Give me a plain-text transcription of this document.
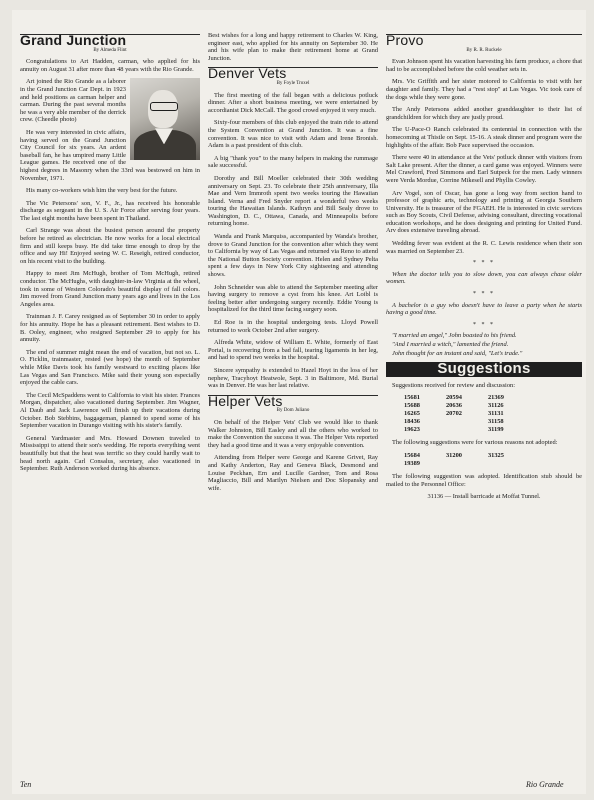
Grand Junction
By Almeda Flint

Congratulations to Art Hadden, carman, who applied for his annuity on August 31 after more than 48 years with the Rio Grande.

Art joined the Rio Grande as a laborer in the Grand Junction Car Dept. in 1923 and held positions as carman helper and carman. During the past several months he was a very able member of the derrick crew. (Cheedle photo)

He was very interested in civic affairs, having served on the Grand Junction City Council for six years. An ardent baseball fan, he has umpired many Little League games. He received one of the highest degrees in Masonry when the 33rd was bestowed on him in November, 1971.

His many co-workers wish him the very best for the future.

The Vic Petersons' son, V. F., Jr., has received his honorable discharge as sergeant in the U. S. Air Force after serving four years. The last eight months have been spent in Thailand.

Carl Strange was about the busiest person around the property before he retired as electrician. He now works for a local electrical firm and still keeps busy. He did take time enough to drop by the office and say Hi! Enjoyed seeing W. C. Reseigh, retired conductor, on his recent visit to the building.

Happy to meet Jim McHugh, brother of Tom McHugh, retired conductor. The McHughs, with daughter-in-law Virginia at the wheel, took in some of Western Colorado's beautiful display of fall colors. Jim moved from Grand Junction many years ago and lives in the Los Angeles area.

Trainman J. F. Carey resigned as of September 30 in order to apply for his annuity. Hope he has a pleasant retirement. Best wishes to D. B. Ooley, engineer, who resigned September 29 to apply for his annuity.

The end of summer might mean the end of vacation, but not so. L. O. Ficklin, trainmaster, rested (we hope) the month of September while Mike Davis took his family westward to exciting places like Las Vegas and San Francisco. Mike said their young son especially enjoyed the cable cars.

The Cecil McSpaddens went to California to visit his sister. Frances Morgan, dispatcher, also vacationed during September. Jim Wagner, Al Daub and Jack Lawrence will finish up their vacations during October. Bob Stebbins, baggageman, planned to spend some of his September vacation in Durango visiting with his sister's family.

General Yardmaster and Mrs. Howard Downen traveled to Mississippi to attend their son's wedding. He reports everything went beautifully but that the heat was terrific so they could hardly wait to head north again. Carl Consalus, secretary, also vacationed in September. Ruth Anderson worked during his absence.

Best wishes for a long and happy retirement to Charles W. King, engineer east, who applied for his annuity on September 30. He and his wife plan to make their retirement home at Grand Junction.

Denver Vets
By Foyle Troxel

The first meeting of the fall began with a delicious potluck dinner. After a short business meeting, we were entertained by accordianist Dick McCall. The good crowd enjoyed it very much.

Sixty-four members of this club enjoyed the train ride to attend the System Convention at Grand Junction. It was a fine convention. It was nice to visit with Adam and Irene Bronish. Adam is a past president of this club.

A big "thank you" to the many helpers in making the rummage sale successful.

Dorothy and Bill Moeller celebrated their 30th wedding anniversary on Sept. 23. To celebrate their 25th anniversary, Illa Mae and Vern Immroth spent two weeks touring the Hawaiian Island. Verna and Fred Snyder report a wonderful two weeks touring the Hawaiian Islands. Kathryn and Bill Sealy drove to Washington, D. C., Ottawa, Canada, and Minneapolis before returning home.

Wanda and Frank Marquiss, accompanied by Wanda's brother, drove to Grand Junction for the convention after which they went to California by way of Las Vegas and returned via Reno to attend the National Button Society convention. Helen and Sydney Pelta spent a few days in New York City sightseeing and attending shows.

John Schneider was able to attend the September meeting after having surgery to remove a cyst from his knee. Art Loibl is feeling better after undergoing surgery recently. Eddie Young is hospitalized for the third time facing surgery soon.

Ed Roe is in the hospital undergoing tests. Lloyd Powell returned to work October 2nd after surgery.

Alfreda White, widow of William E. White, formerly of East Portal, is recovering from a bad fall, tearing ligaments in her leg, and had to spend two weeks in the hospital.

Sincere sympathy is extended to Hazel Hoyt in the loss of her nephew, Tracyhoyt Heatwole, Sept. 3 in Baltimore, Md. Burial was in Denver. He was her last relative.

Helper Vets
By Dom Juliano

On behalf of the Helper Vets' Club we would like to thank Walker Johnston, Bill Easley and all the others who worked to make the Convention the success it was. The Helper Vets reported they had a good time and it was a very enjoyable convention.

Attending from Helper were George and Karene Grivet, Ray and Kathy Anderton, Ray and Geneva Black, Desmond and Louise Peckhan, Ern and Lucille Gardner, Tom and Rosa Magliaccio, Bill and Marilyn Nielsen and Doc Slopansky and wife.

Provo
By R. R. Ruckele

Evan Johnson spent his vacation harvesting his farm produce, a chore that had to be accomplished before the cold weather sets in.

Mrs. Vic Griffith and her sister motored to California to visit with her daughter and family. They had a "rest stop" at Las Vegas. Vic took care of the dogs while they were gone.

The Andy Petersons added another granddaughter to their list of grandchildren for which they are justly proud.

The U-Pace-O Ranch celebrated its centennial in connection with the homecoming at Thistle on Sept. 15-16. A steak dinner and program were the highlights of the affair. Bob Pace supervised the occasion.

There were 40 in attendance at the Vets' potluck dinner with visitors from Salt Lake present. After the dinner, a card game was enjoyed. Winners were Mel Crawford, Fred Simmons and Earl Sutpeck for the men. Lady winners were Verda Mordue, Corrine Mikesell and Phyllis Cowley.

Arv Vogel, son of Oscar, has gone a long way from section hand to professor of graphic arts, technology and printing at Georgia Southern University. He is treasurer of the FGAEH. He is interested in civic services such as Boy Scouts, Civil Defense, advising consultant, directing vocational education workshops, and he does designing and printing for United Fund. Arv does extensive traveling abroad.

Wedding fever was evident at the R. C. Lewis residence when their son was married on September 23.

* * *

When the doctor tells you to slow down, you can always chase older women.

* * *

A bachelor is a guy who doesn't have to leave a party when he starts having a good time.

* * *

"I married an angel," John boasted to his friend.

"And I married a witch," lamented the friend.

John thought for an instant and said, "Let's trade."

Suggestions

Suggestions received for review and discussion:

15681	20594	21369
15688	20636	31126
16265	20702	31131
18436		31158
19623		31199

The following suggestions were for various reasons not adopted:

15684	31200	31325
19389		

The following suggestion was adopted. Identification stub should be mailed to the Personnel Office:

31136 — Install barricade at Moffat Tunnel.

Ten	Rio Grande
